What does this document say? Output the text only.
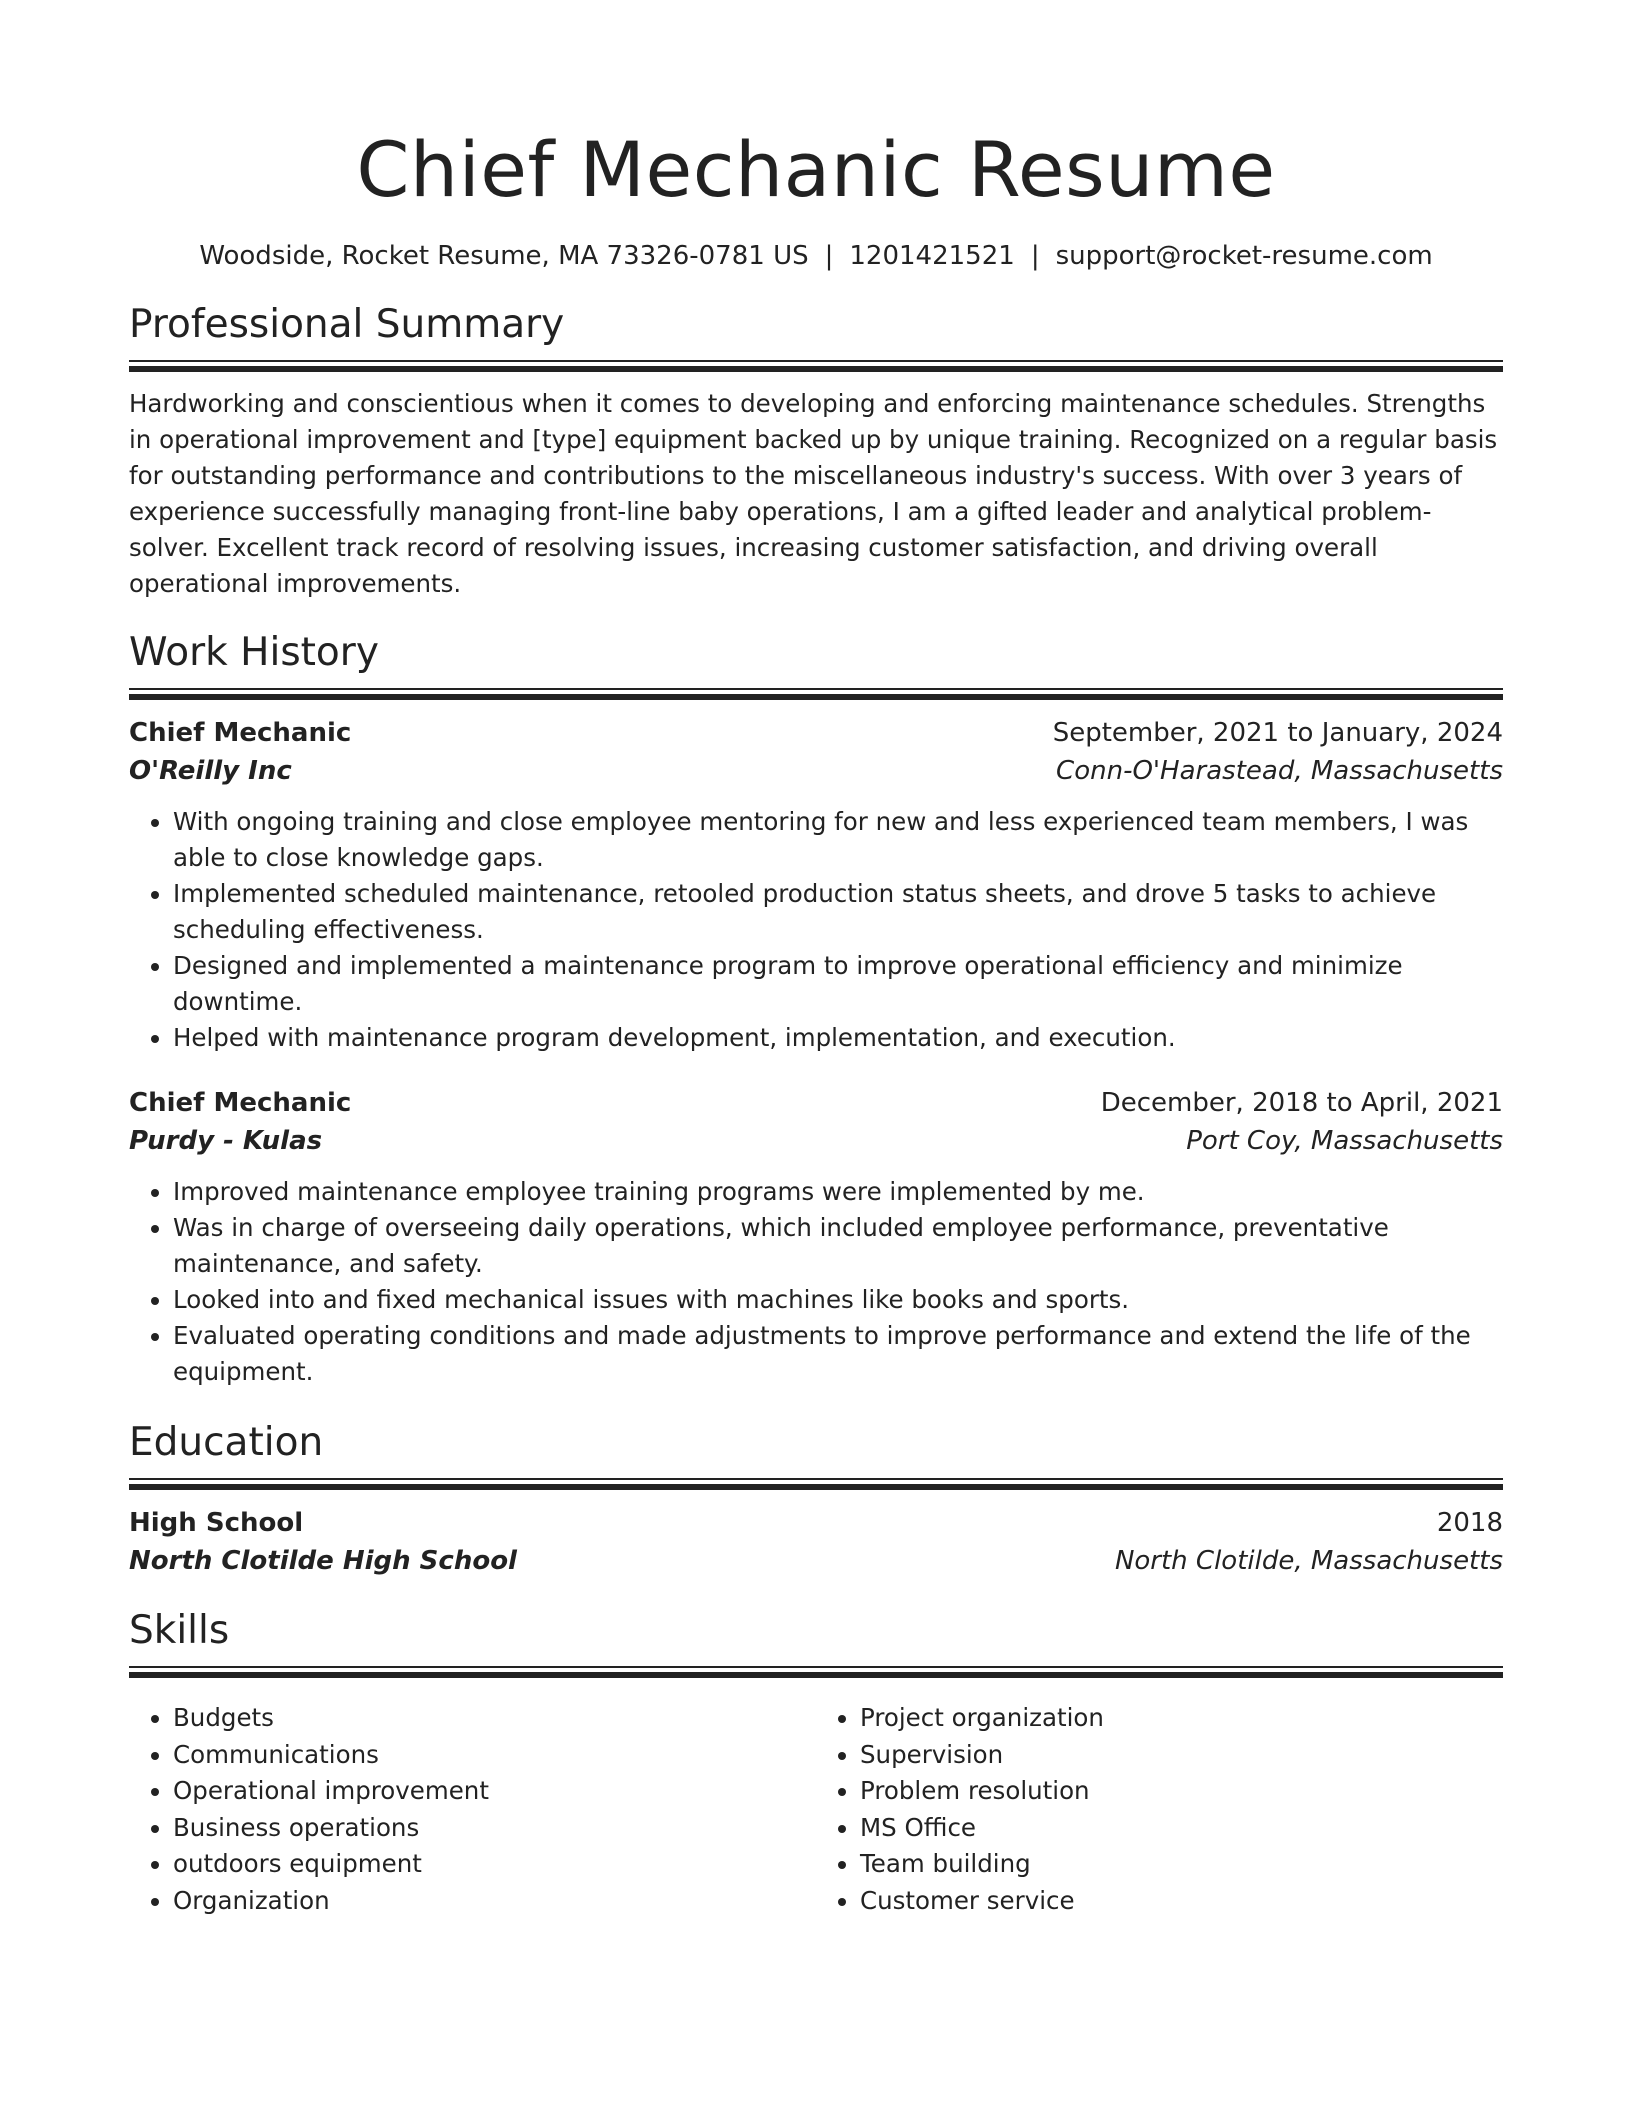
Chief Mechanic Resume
Woodside, Rocket Resume, MA 73326-0781 US | 1201421521 | support@rocket-resume.com
Professional Summary

Hardworking and conscientious when it comes to developing and enforcing maintenance schedules. Strengths in operational improvement and [type] equipment backed up by unique training. Recognized on a regular basis for outstanding performance and contributions to the miscellaneous industry's success. With over 3 years of experience successfully managing front-line baby operations, I am a gifted leader and analytical problem-solver. Excellent track record of resolving issues, increasing customer satisfaction, and driving overall operational improvements.

Work History
Chief Mechanic	September, 2021 to January, 2024
O'Reilly Inc	Conn-O'Harastead, Massachusetts
• With ongoing training and close employee mentoring for new and less experienced team members, I was able to close knowledge gaps.
• Implemented scheduled maintenance, retooled production status sheets, and drove 5 tasks to achieve scheduling effectiveness.
• Designed and implemented a maintenance program to improve operational efficiency and minimize downtime.
• Helped with maintenance program development, implementation, and execution.
Chief Mechanic	December, 2018 to April, 2021
Purdy - Kulas	Port Coy, Massachusetts
• Improved maintenance employee training programs were implemented by me.
• Was in charge of overseeing daily operations, which included employee performance, preventative maintenance, and safety.
• Looked into and fixed mechanical issues with machines like books and sports.
• Evaluated operating conditions and made adjustments to improve performance and extend the life of the equipment.
Education
High School	2018
North Clotilde High School	North Clotilde, Massachusetts
Skills
• Budgets
• Communications
• Operational improvement
• Business operations
• outdoors equipment
• Organization
• Project organization
• Supervision
• Problem resolution
• MS Office
• Team building
• Customer service
